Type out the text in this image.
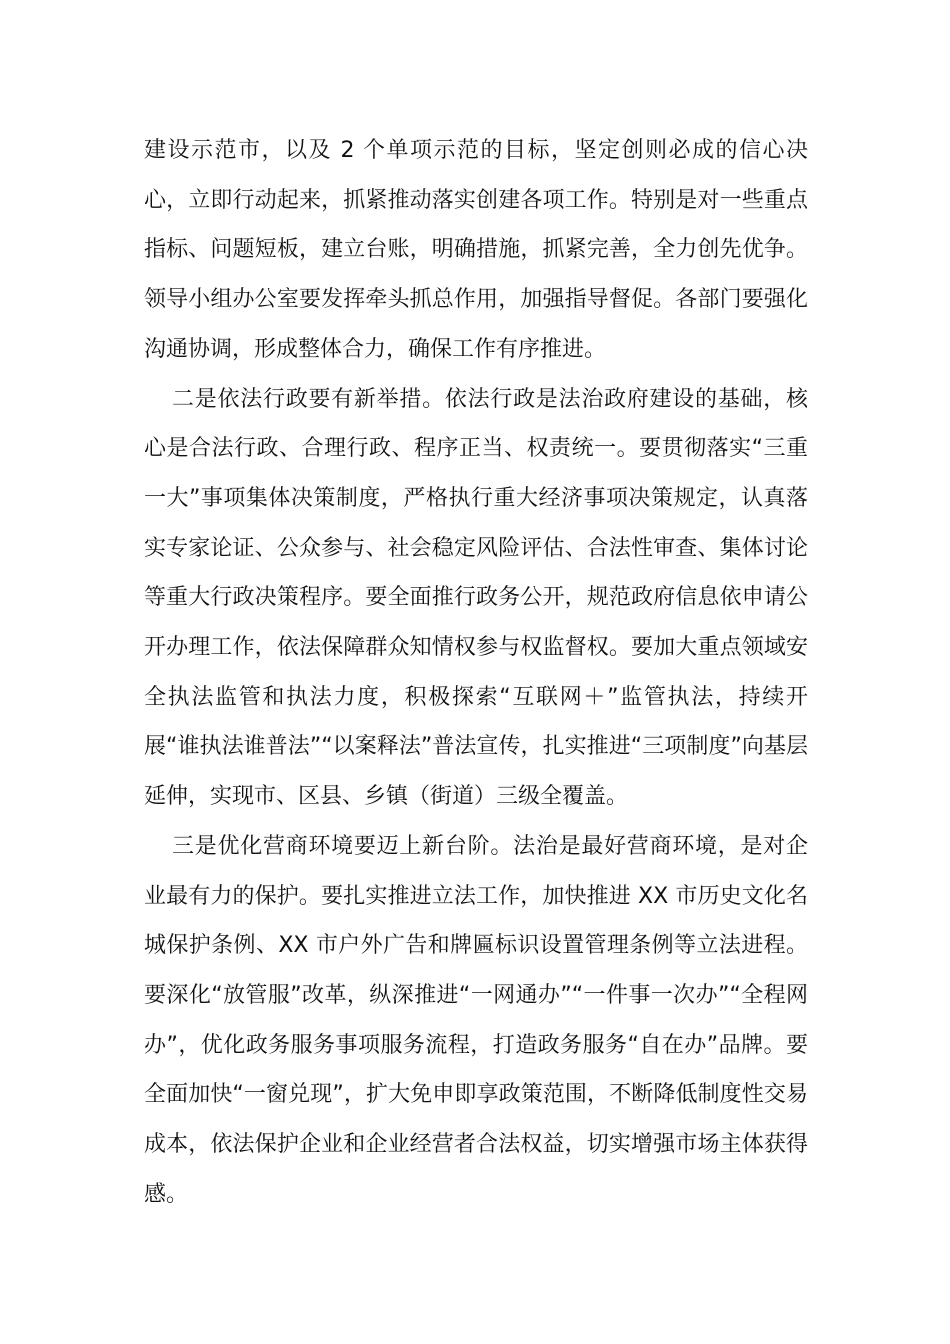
建设示范市，以及 2 个单项示范的目标，坚定创则必成的信心决心，立即行动起来，抓紧推动落实创建各项工作。特别是对一些重点指标、问题短板，建立台账，明确措施，抓紧完善，全力创先优争。领导小组办公室要发挥牵头抓总作用，加强指导督促。各部门要强化沟通协调，形成整体合力，确保工作有序推进。

二是依法行政要有新举措。依法行政是法治政府建设的基础，核心是合法行政、合理行政、程序正当、权责统一。要贯彻落实“三重一大”事项集体决策制度，严格执行重大经济事项决策规定，认真落实专家论证、公众参与、社会稳定风险评估、合法性审查、集体讨论等重大行政决策程序。要全面推行政务公开，规范政府信息依申请公开办理工作，依法保障群众知情权参与权监督权。要加大重点领域安全执法监管和执法力度，积极探索“互联网＋”监管执法，持续开展“谁执法谁普法”“以案释法”普法宣传，扎实推进“三项制度”向基层延伸，实现市、区县、乡镇（街道）三级全覆盖。

三是优化营商环境要迈上新台阶。法治是最好营商环境，是对企业最有力的保护。要扎实推进立法工作，加快推进 XX 市历史文化名城保护条例、XX 市户外广告和牌匾标识设置管理条例等立法进程。要深化“放管服”改革，纵深推进“一网通办”“一件事一次办”“全程网办”，优化政务服务事项服务流程，打造政务服务“自在办”品牌。要全面加快“一窗兑现”，扩大免申即享政策范围，不断降低制度性交易成本，依法保护企业和企业经营者合法权益，切实增强市场主体获得感。
